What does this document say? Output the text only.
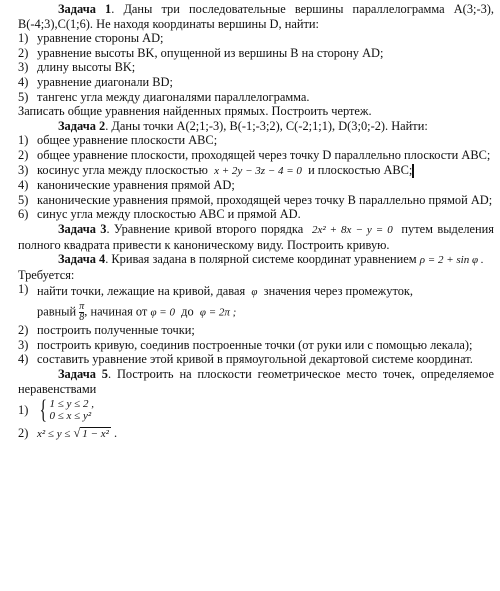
Задача 1. Даны три последовательные вершины параллелограмма A(3;-3), B(-4;3),C(1;6). Не находя координаты вершины D, найти:

1) уравнение стороны AD;
2) уравнение высоты BK, опущенной из вершины B на сторону AD;
3) длину высоты BK;
4) уравнение диагонали BD;
5) тангенс угла между диагоналями параллелограмма.

Записать общие уравнения найденных прямых. Построить чертеж.

Задача 2. Даны точки A(2;1;-3), B(-1;-3;2), C(-2;1;1), D(3;0;-2). Найти:

1) общее уравнение плоскости ABC;
2) общее уравнение плоскости, проходящей через точку D параллельно плоскости ABC;
3) косинус угла между плоскостью x + 2y − 3z − 4 = 0 и плоскостью ABC;
4) канонические уравнения прямой AD;
5) канонические уравнения прямой, проходящей через точку B параллельно прямой AD;
6) синус угла между плоскостью ABC и прямой AD.

Задача 3. Уравнение кривой второго порядка 2x² + 8x − y = 0 путем выделения полного квадрата привести к каноническому виду. Построить кривую.

Задача 4. Кривая задана в полярной системе координат уравнением ρ = 2 + sin φ .

Требуется:

1) найти точки, лежащие на кривой, давая φ значения через промежуток,
равный $\frac{\pi}{8}$ , начиная от φ = 0 до φ = 2π ;
2) построить полученные точки;
3) построить кривую, соединив построенные точки (от руки или с помощью лекала);
4) составить уравнение этой кривой в прямоугольной декартовой системе координат.

Задача 5. Построить на плоскости геометрическое место точек, определяемое неравенствами

1) { 1 ≤ y ≤ 2 ,
0 ≤ x ≤ y²
2) x² ≤ y ≤ √ 1 − x² .
